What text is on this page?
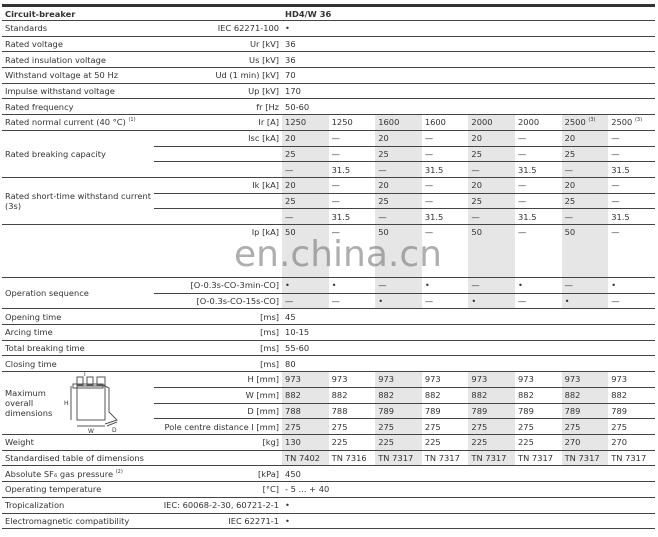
Circuit-breaker		HD4/W 36							
Standards	IEC 62271-100	•							
Rated voltage	Ur [kV]	36							
Rated insulation voltage	Us [kV]	36							
Withstand voltage at 50 Hz	Ud (1 min) [kV]	70							
Impulse withstand voltage	Up [kV]	170							
Rated frequency	fr [Hz	50-60							
Rated normal current (40 °C) $^{(1)}$	Ir [A]	1250	1250	1600	1600	2000	2000	2500 $^{(3)}$	2500 $^{(3)}$
Rated breaking capacity	Isc [kA]	20	—	20	—	20	—	20	—
		25	—	25	—	25	—	25	—
		—	31.5	—	31.5	—	31.5	—	31.5
Rated short-time withstand current (3s)	Ik [kA]	20	—	20	—	20	—	20	—
		25	—	25	—	25	—	25	—
		—	31.5	—	31.5	—	31.5	—	31.5
	Ip [kA]	50	—	50	—	50	—	50	—
Operation sequence	[O-0.3s-CO-3min-CO]	•	•	—	•	—	•	—	•
	[O-0.3s-CO-15s-CO]	—	—	•	—	•	—	•	—
Opening time	[ms]	45							
Arcing time	[ms]	10-15							
Total breaking time	[ms]	55-60							
Closing time	[ms]	80							

Maximum overall dimensions
H
W D
l	H [mm]	973	973	973	973	973	973	973	973
	W [mm]	882	882	882	882	882	882	882	882
	D [mm]	788	788	789	789	789	789	789	789
	Pole centre distance I [mm]	275	275	275	275	275	275	275	275
Weight	[kg]	130	225	225	225	225	225	270	270
Standardised table of dimensions		TN 7402	TN 7316	TN 7317	TN 7317	TN 7317	TN 7317	TN 7317	TN 7317
Absolute SF₆ gas pressure $^{(2)}$	[kPa]	450							
Operating temperature	[°C]	- 5 ... + 40							
Tropicalization	IEC: 60068-2-30, 60721-2-1	•							
Electromagnetic compatibility	IEC 62271-1	•							
en.china.cn
